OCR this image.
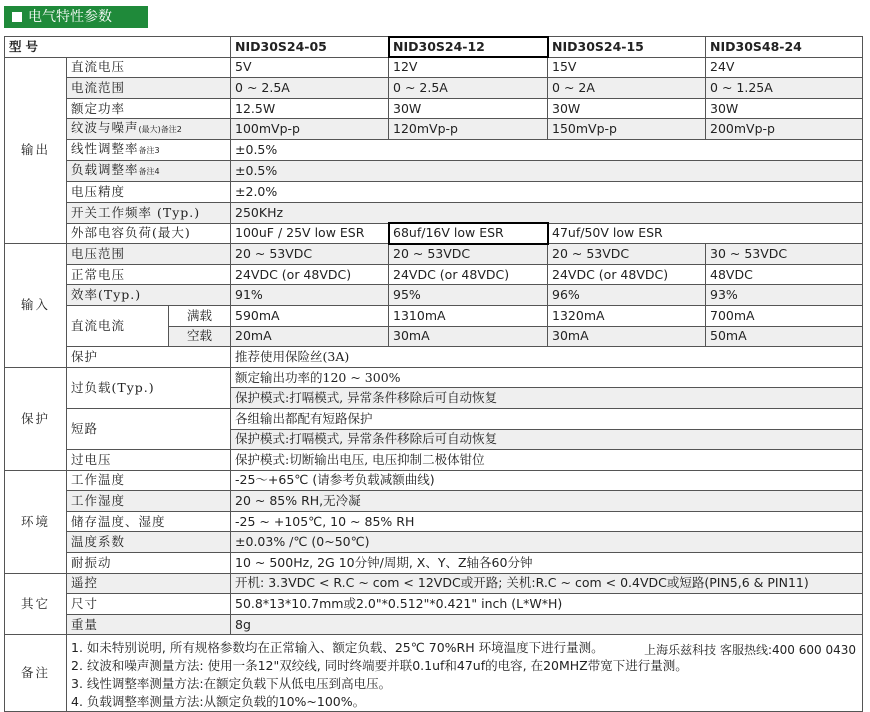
电气特性参数
型号			NID30S24-05	NID30S24-12	NID30S24-15	NID30S48-24
输出	直流电压		5V	12V	15V	24V
	电流范围		0 ~ 2.5A	0 ~ 2.5A	0 ~ 2A	0 ~ 1.25A
	额定功率		12.5W	30W	30W	30W
	纹波与噪声(最大)备注2		100mVp-p	120mVp-p	150mVp-p	200mVp-p
	线性调整率备注3		±0.5%			
	负载调整率备注4		±0.5%			
	电压精度		±2.0%			
	开关工作频率 (Typ.)		250KHz			
	外部电容负荷(最大)		100uF / 25V low ESR	68uf/16V low ESR	47uf/50V low ESR	
输入	电压范围		20 ~ 53VDC	20 ~ 53VDC	20 ~ 53VDC	30 ~ 53VDC
	正常电压		24VDC (or 48VDC)	24VDC (or 48VDC)	24VDC (or 48VDC)	48VDC
	效率(Typ.)		91%	95%	96%	93%
	直流电流	满载	590mA	1310mA	1320mA	700mA
		空载	20mA	30mA	30mA	50mA
	保护		推荐使用保险丝(3A)			
保护	过负载(Typ.)		额定输出功率的120 ~ 300%			
			保护模式:打嗝模式, 异常条件移除后可自动恢复			
	短路		各组输出都配有短路保护			
			保护模式:打嗝模式, 异常条件移除后可自动恢复			
	过电压		保护模式:切断输出电压, 电压抑制二极体钳位			
环境	工作温度		-25～+65℃ (请参考负载减额曲线)			
	工作湿度		20 ~ 85% RH,无冷凝			
	储存温度、湿度		-25 ~ +105℃, 10 ~ 85% RH			
	温度系数		±0.03% /℃ (0~50℃)			
	耐振动		10 ~ 500Hz, 2G 10分钟/周期, X、Y、Z轴各60分钟			
其它	遥控		开机: 3.3VDC < R.C ~ com < 12VDC或开路; 关机:R.C ~ com < 0.4VDC或短路(PIN5,6 & PIN11)			
	尺寸		50.8*13*10.7mm或2.0"*0.512"*0.421" inch (L*W*H)			
	重量		8g			
备注	上海乐兹科技 客服热线:400 600 0430
1. 如未特别说明, 所有规格参数均在正常输入、额定负载、25℃ 70%RH 环境温度下进行量测。
2. 纹波和噪声测量方法: 使用一条12"双绞线, 同时终端要并联0.1uf和47uf的电容, 在20MHZ带宽下进行量测。
3. 线性调整率测量方法:在额定负载下从低电压到高电压。
4. 负载调整率测量方法:从额定负载的10%~100%。					
